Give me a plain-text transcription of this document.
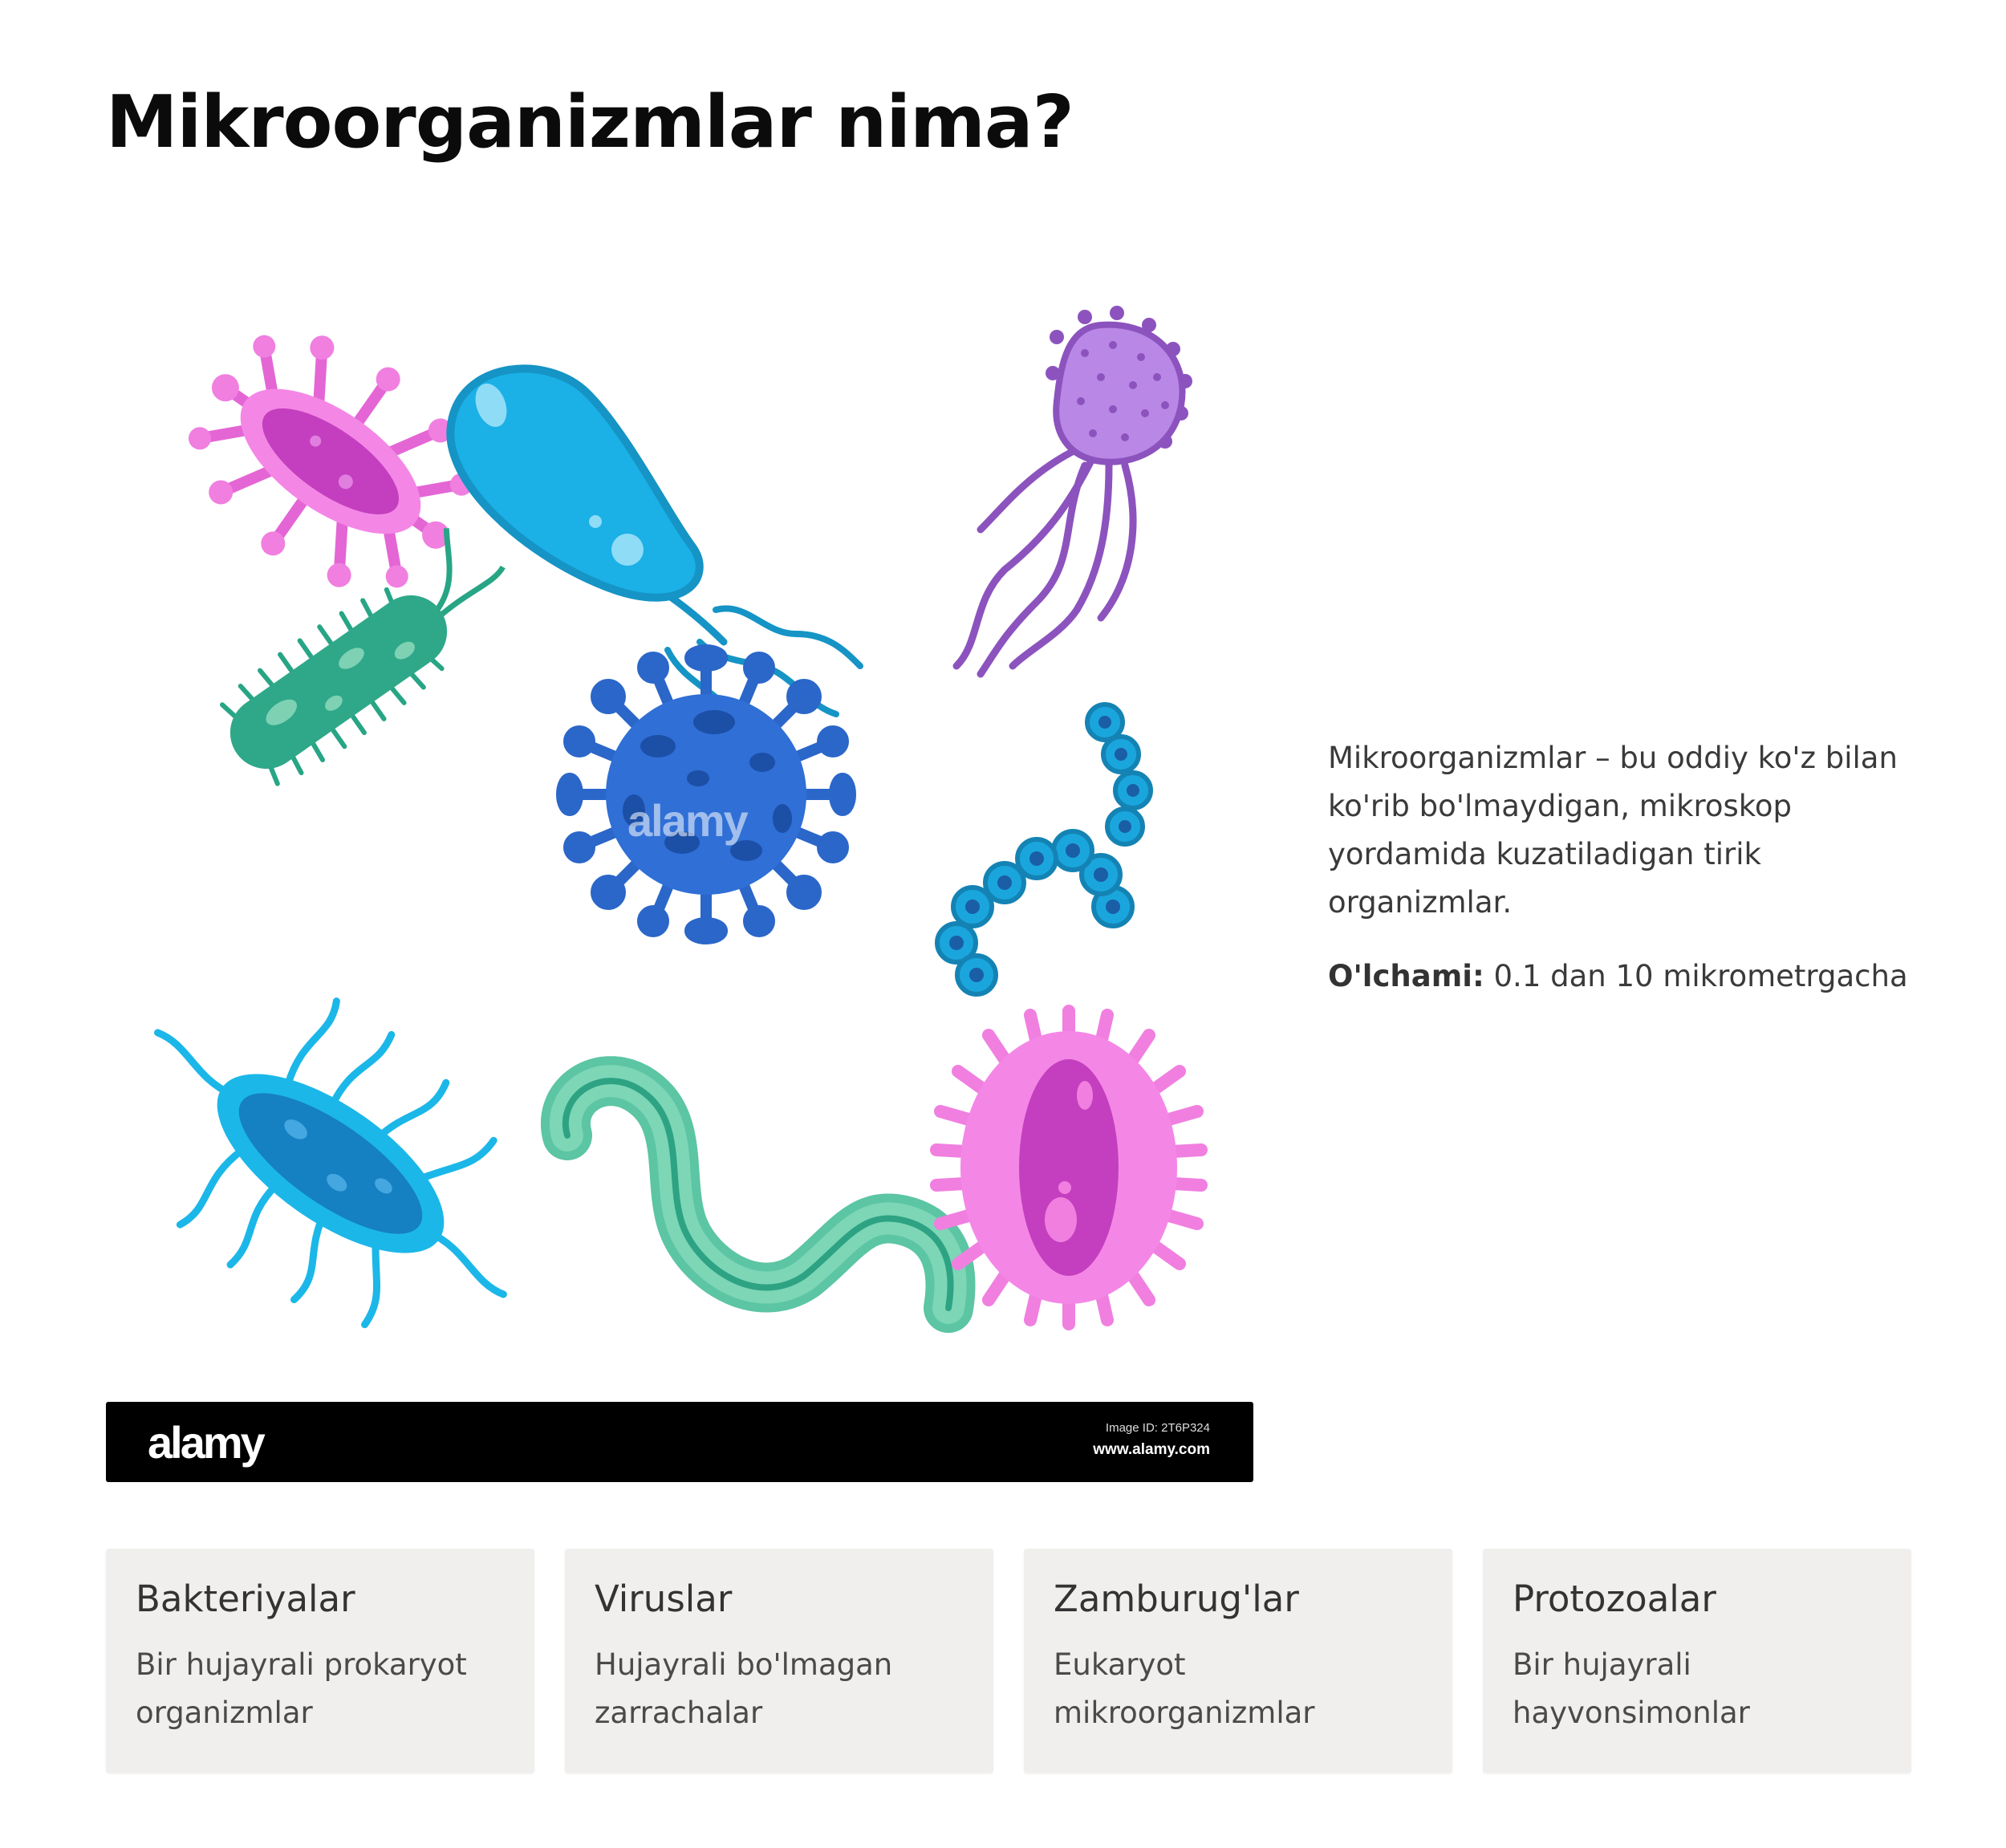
Mikroorganizmlar nima?
alamy
alamy	Image ID: 2T6P324
www.alamy.com

Mikroorganizmlar – bu oddiy ko'z bilan ko'rib bo'lmaydigan, mikroskop yordamida kuzatiladigan tirik organizmlar.

O'lchami: 0.1 dan 10 mikrometrgacha

Bakteriyalar
Bir hujayrali prokaryot organizmlar
Viruslar
Hujayrali bo'lmagan zarrachalar
Zamburug'lar
Eukaryot mikroorganizmlar
Protozoalar
Bir hujayrali hayvonsimonlar
